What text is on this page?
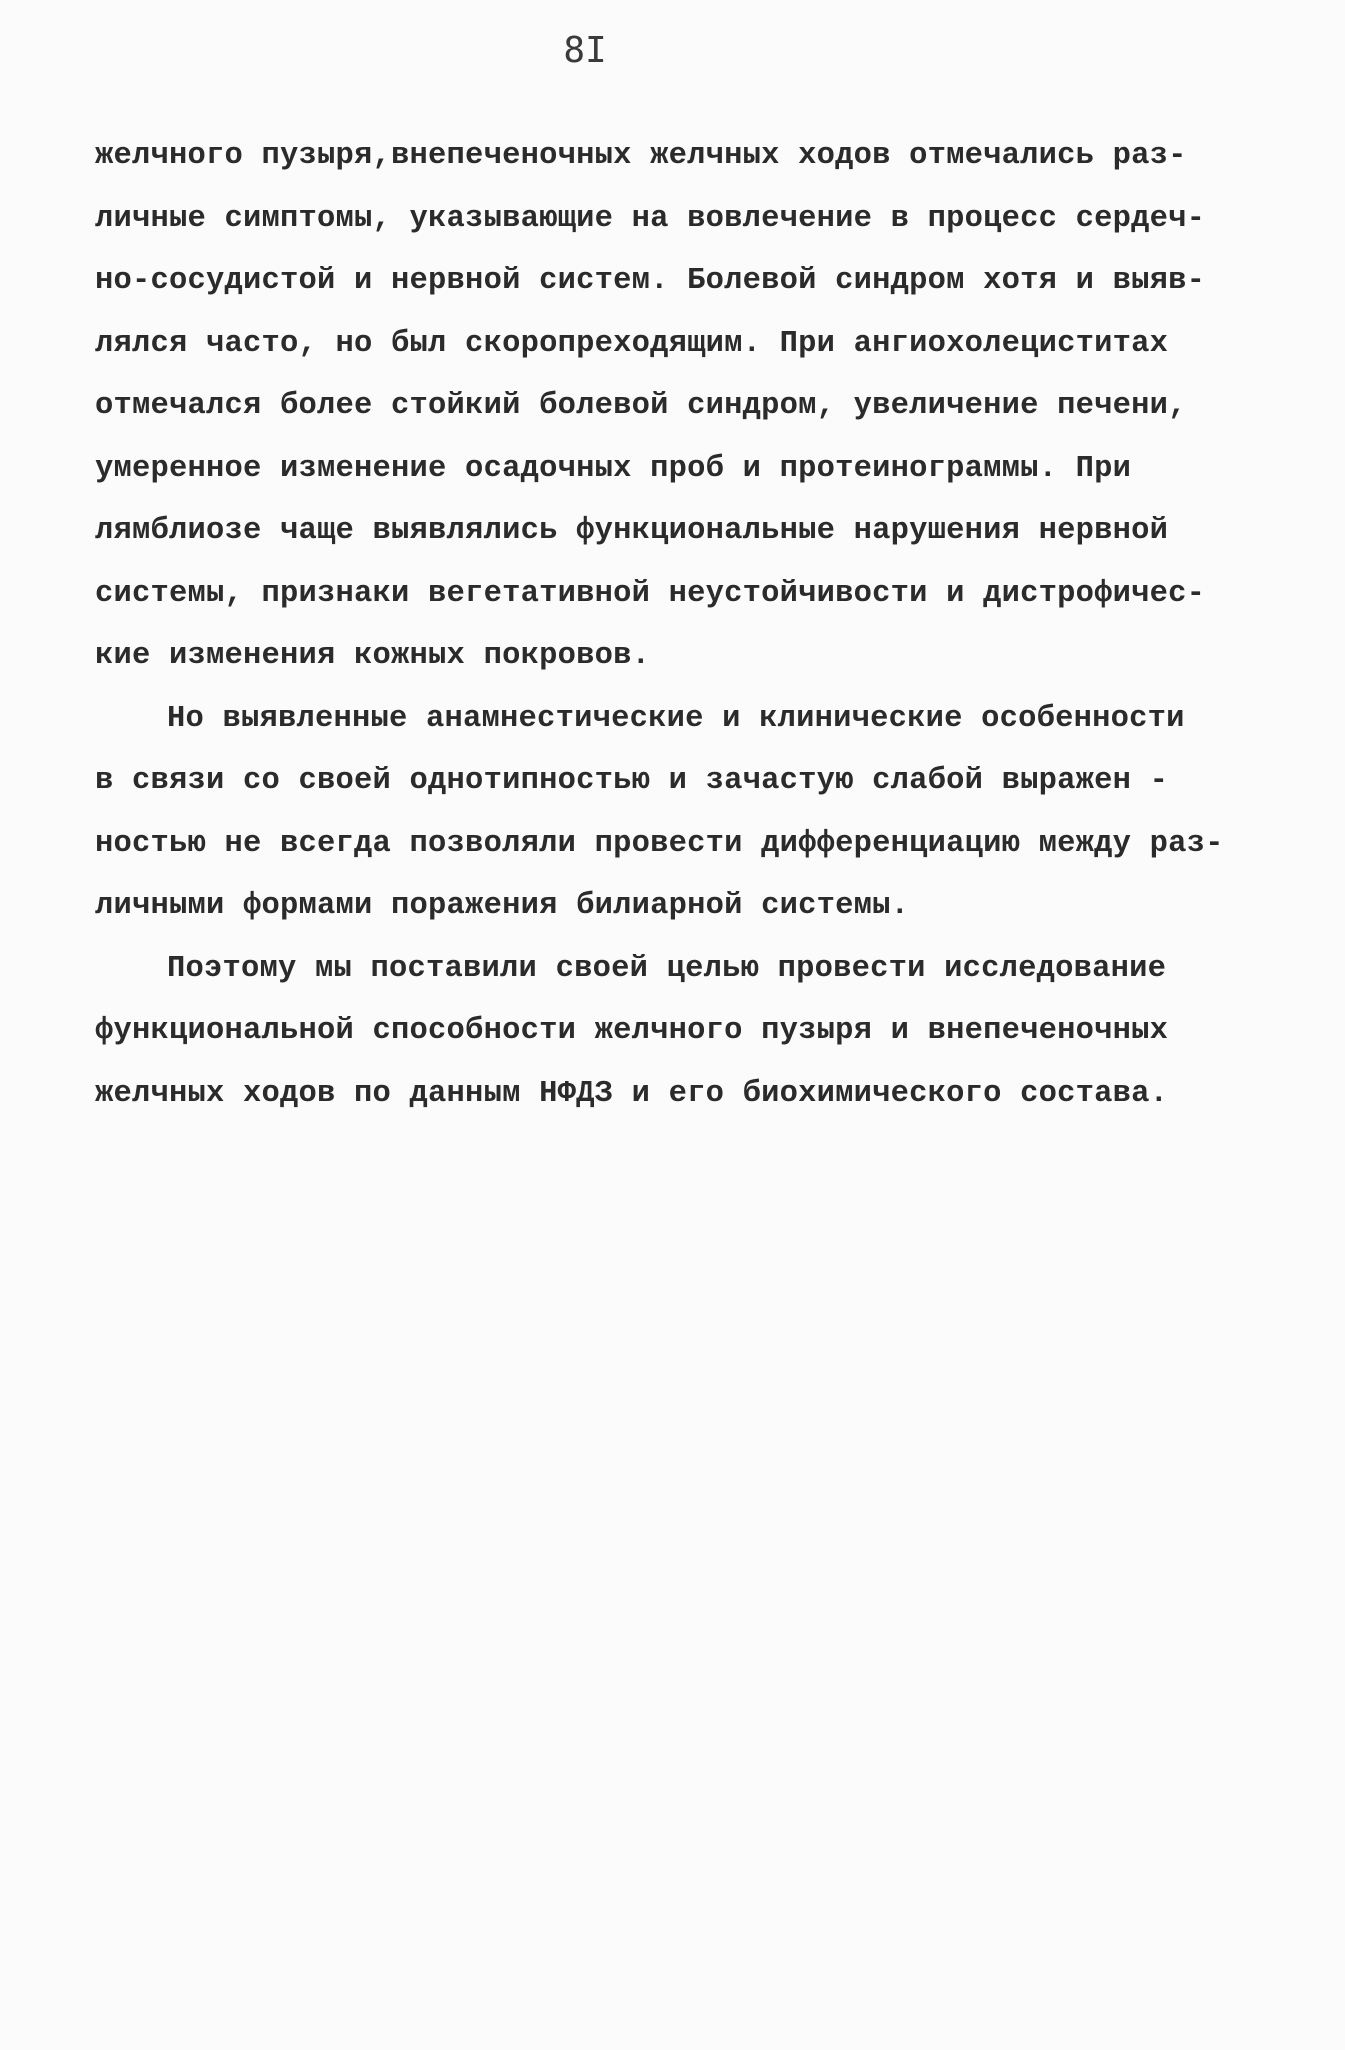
8I
желчного пузыря,внепеченочных желчных ходов отмечались раз-
личные симптомы, указывающие на вовлечение в процесс сердеч-
но-сосудистой и нервной систем. Болевой синдром хотя и выяв-
лялся часто, но был скоропреходящим. При ангиохолециститах
отмечался более стойкий болевой синдром, увеличение печени,
умеренное изменение осадочных проб и протеинограммы. При
лямблиозе чаще выявлялись функциональные нарушения нервной
системы, признаки вегетативной неустойчивости и дистрофичес-
кие изменения кожных покровов.
Но выявленные анамнестические и клинические особенности
в связи со своей однотипностью и зачастую слабой выражен -
ностью не всегда позволяли провести дифференциацию между раз-
личными формами поражения билиарной системы.
Поэтому мы поставили своей целью провести исследование
функциональной способности желчного пузыря и внепеченочных
желчных ходов по данным НФДЗ и его биохимического состава.
